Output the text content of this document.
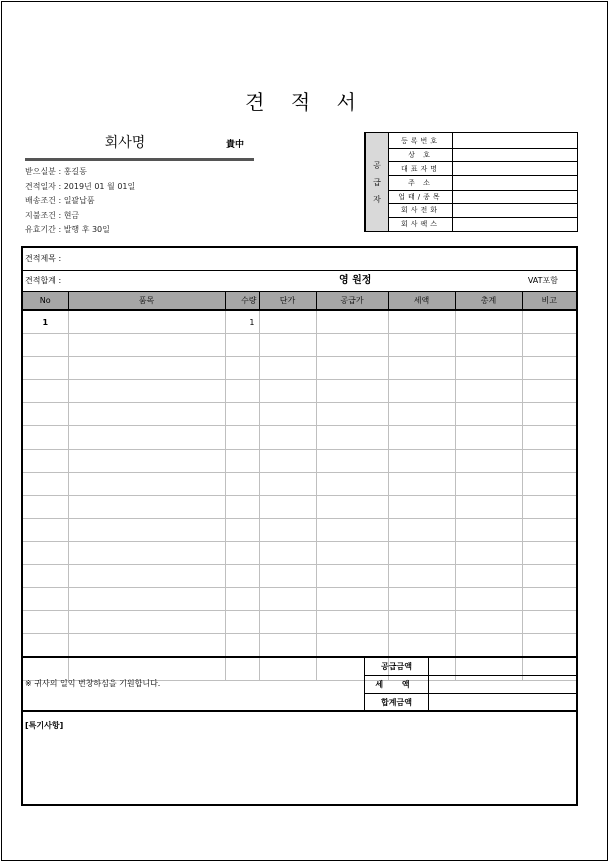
견 적 서
회사명	貴中
받으실분 : 홍길동
견적일자 : 2019년 01 월 01일
배송조건 : 일괄납품
지불조건 : 현금
유효기간 : 발행 후 30일
공
급
자	등록번호	
	상 호	
	대표자명	
	주 소	
	업태/종목	
	회사전화	
	회사팩스	
견적제목 :
견적합계 :	영 원정	VAT포함
No	품목	수량	단가	공급가	세액	총계	비고
1		1					

※ 귀사의 일익 번창하심을 기원합니다.
공급금액	
세 액	
합계금액	
[특기사항]
